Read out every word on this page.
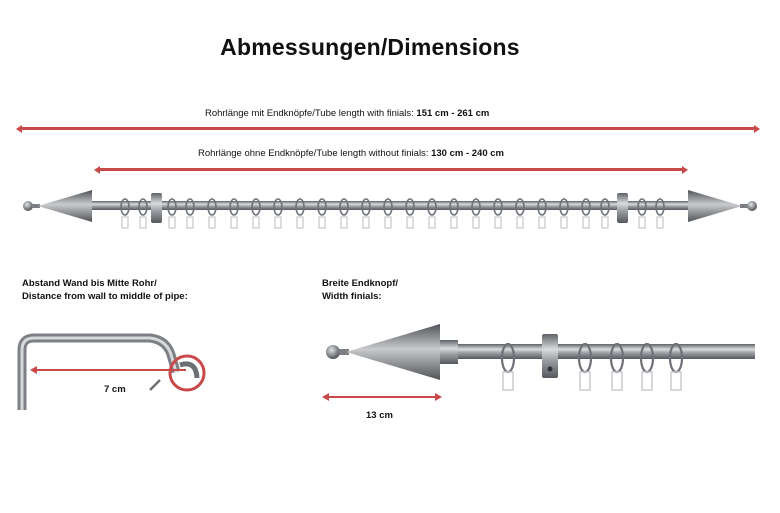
Abmessungen/Dimensions
Rohrlänge mit Endknöpfe/Tube length with finials: 151 cm - 261 cm
Rohrlänge ohne Endknöpfe/Tube length without finials: 130 cm - 240 cm
Abstand Wand bis Mitte Rohr/
Distance from wall to middle of pipe:
7 cm
Breite Endknopf/
Width finials:
13 cm
